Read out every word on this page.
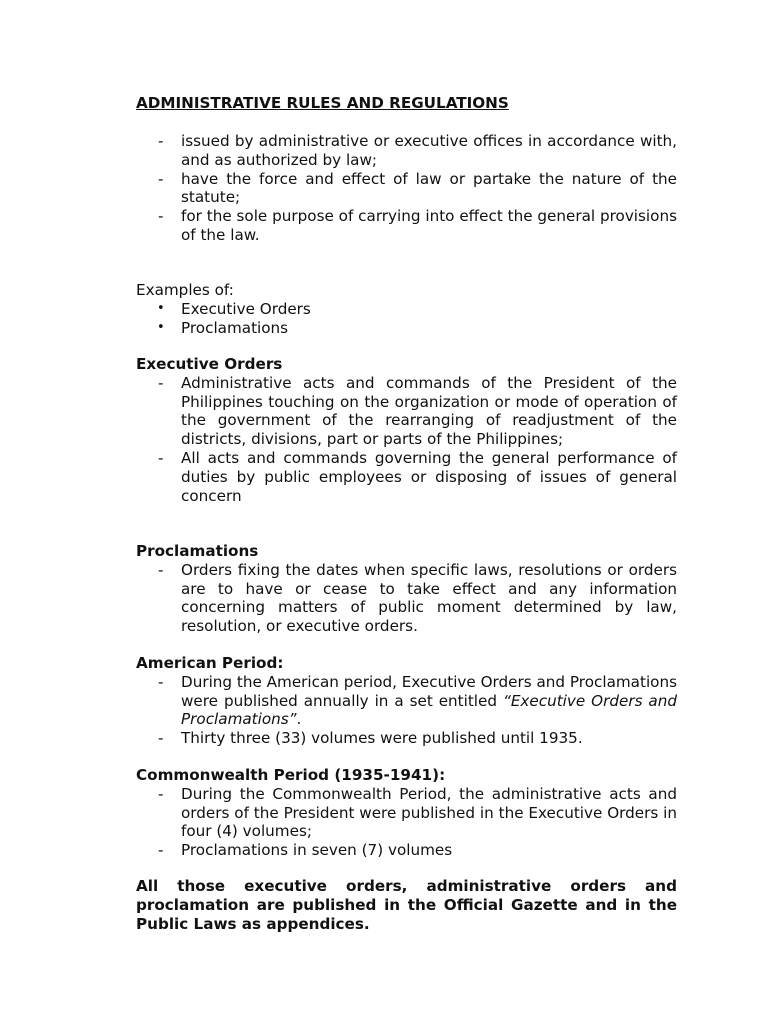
ADMINISTRATIVE RULES AND REGULATIONS
- issued by administrative or executive offices in accordance with, and as authorized by law;
- have the force and effect of law or partake the nature of the statute;
- for the sole purpose of carrying into effect the general provisions of the law.

Examples of:

• Executive Orders
• Proclamations
Executive Orders
- Administrative acts and commands of the President of the Philippines touching on the organization or mode of operation of the government of the rearranging of readjustment of the districts, divisions, part or parts of the Philippines;
- All acts and commands governing the general performance of duties by public employees or disposing of issues of general concern
Proclamations
- Orders fixing the dates when specific laws, resolutions or orders are to have or cease to take effect and any information concerning matters of public moment determined by law, resolution, or executive orders.
American Period:
- During the American period, Executive Orders and Proclamations were published annually in a set entitled “Executive Orders and Proclamations”.
- Thirty three (33) volumes were published until 1935.
Commonwealth Period (1935-1941):
- During the Commonwealth Period, the administrative acts and orders of the President were published in the Executive Orders in four (4) volumes;
- Proclamations in seven (7) volumes

All those executive orders, administrative orders and proclamation are published in the Official Gazette and in the Public Laws as appendices.
